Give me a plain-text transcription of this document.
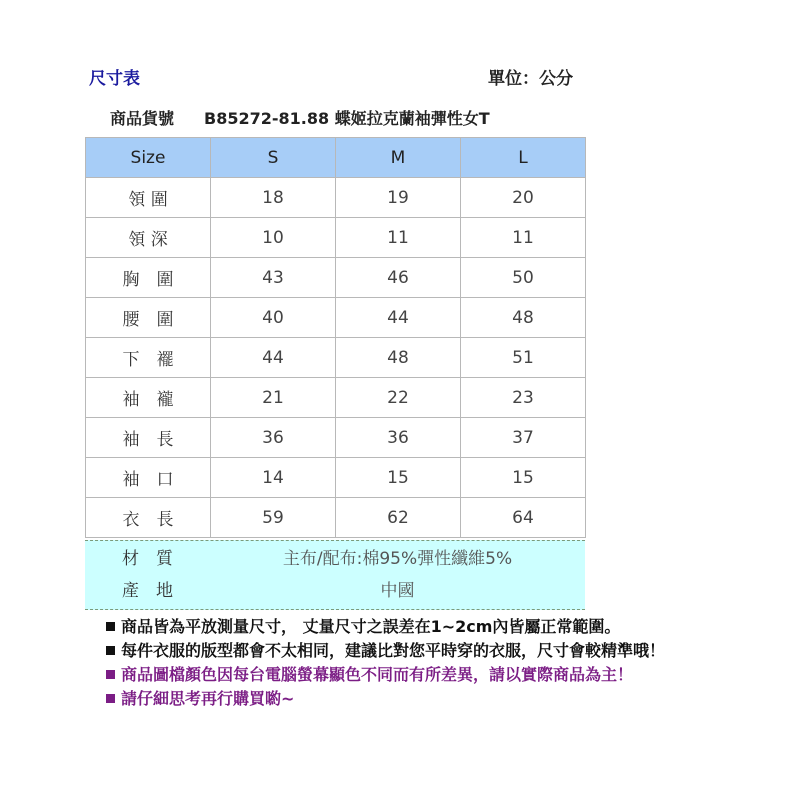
尺寸表	單位：公分
商品貨號 B85272-81.88 蝶姬拉克蘭袖彈性女T
Size	S	M	L
領 圍	18	19	20
領 深	10	11	11
胸　圍	43	46	50
腰　圍	40	44	48
下　襬	44	48	51
袖　襱	21	22	23
袖　長	36	36	37
袖　口	14	15	15
衣　長	59	62	64
材　質	主布/配布:棉95%彈性纖維5%
產　地	中國
商品皆為平放測量尺寸， 丈量尺寸之誤差在1~2cm內皆屬正常範圍。
每件衣服的版型都會不太相同，建議比對您平時穿的衣服，尺寸會較精準哦！
商品圖檔顏色因每台電腦螢幕顯色不同而有所差異，請以實際商品為主！
請仔細思考再行購買喲~
